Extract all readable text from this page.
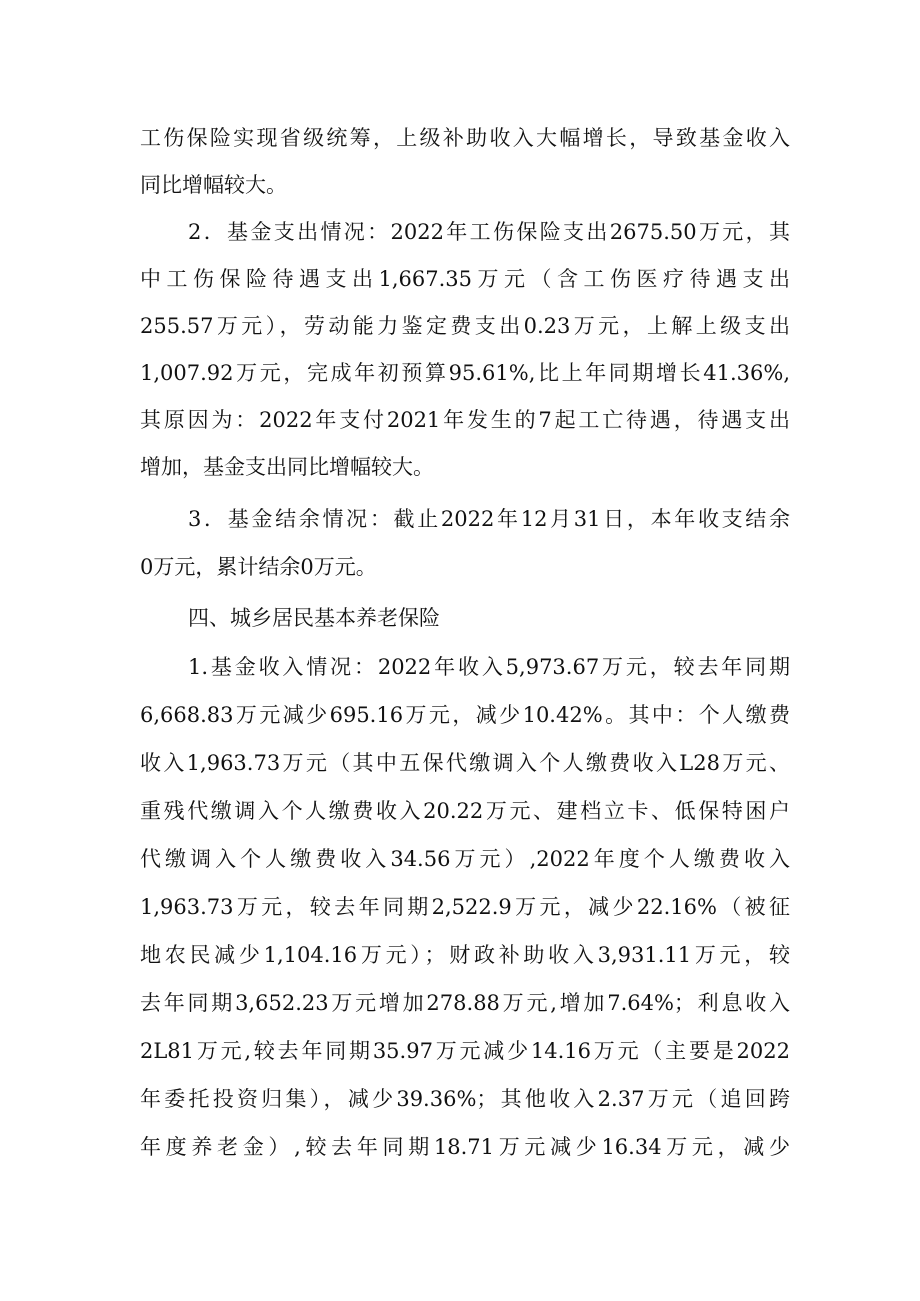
工伤保险实现省级统筹，上级补助收入大幅增长，导致基金收入
同比增幅较大。
2．基金支出情况：2022年工伤保险支出2675.50万元，其
中工伤保险待遇支出1,667.35万元（含工伤医疗待遇支出
255.57万元），劳动能力鉴定费支出0.23万元，上解上级支出
1,007.92万元，完成年初预算95.61%,比上年同期增长41.36%,
其原因为：2022年支付2021年发生的7起工亡待遇，待遇支出
增加，基金支出同比增幅较大。
3．基金结余情况：截止2022年12月31日，本年收支结余
0万元，累计结余0万元。
四、城乡居民基本养老保险
1.基金收入情况：2022年收入5,973.67万元，较去年同期
6,668.83万元减少695.16万元，减少10.42%。其中：个人缴费
收入1,963.73万元（其中五保代缴调入个人缴费收入L28万元、
重残代缴调入个人缴费收入20.22万元、建档立卡、低保特困户
代缴调入个人缴费收入34.56万元）,2022年度个人缴费收入
1,963.73万元，较去年同期2,522.9万元，减少22.16%（被征
地农民减少1,104.16万元）；财政补助收入3,931.11万元，较
去年同期3,652.23万元增加278.88万元,增加7.64%；利息收入
2L81万元,较去年同期35.97万元减少14.16万元（主要是2022
年委托投资归集），减少39.36%；其他收入2.37万元（追回跨
年度养老金）,较去年同期18.71万元减少16.34万元，减少
